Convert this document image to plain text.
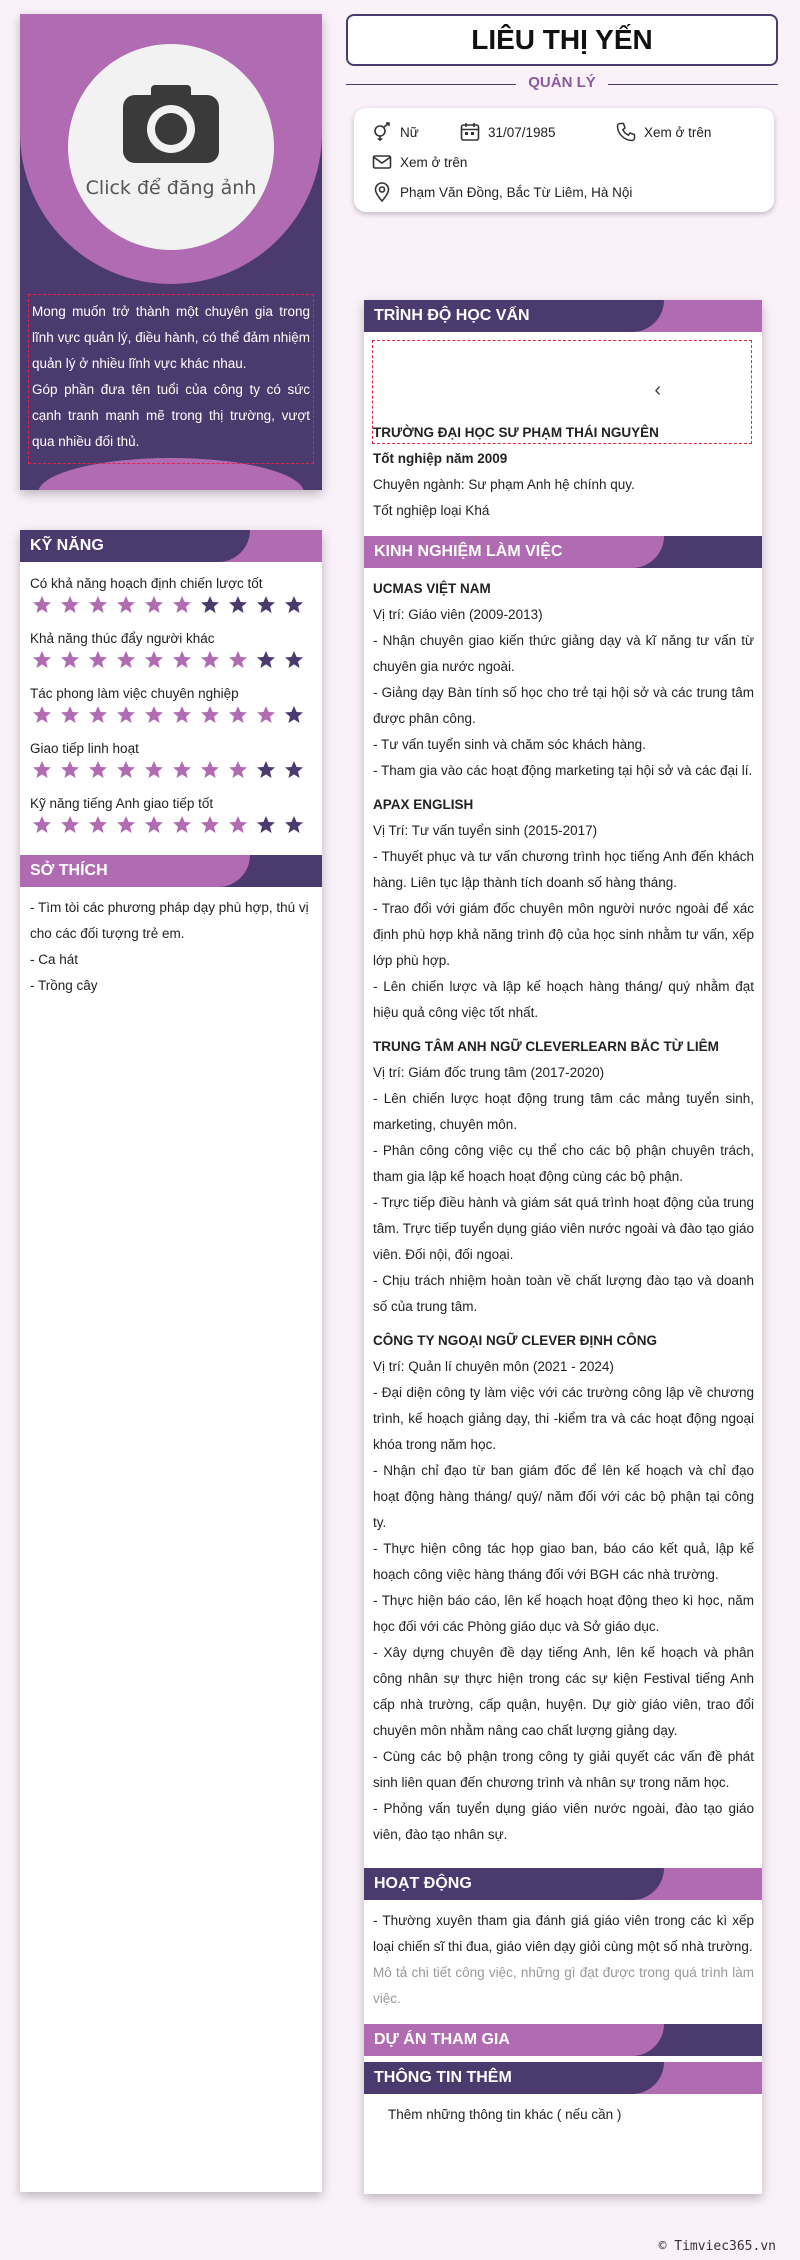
Click để đăng ảnh

Mong muốn trở thành một chuyên gia trong lĩnh vực quản lý, điều hành, có thể đảm nhiệm quản lý ở nhiều lĩnh vực khác nhau.

Góp phần đưa tên tuổi của công ty có sức cạnh tranh mạnh mẽ trong thị trường, vượt qua nhiều đối thủ.

KỸ NĂNG
Có khả năng hoạch định chiến lược tốt
Khả năng thúc đẩy người khác
Tác phong làm việc chuyên nghiệp
Giao tiếp linh hoạt
Kỹ năng tiếng Anh giao tiếp tốt
SỞ THÍCH
- Tìm tòi các phương pháp dạy phù hợp, thú vị cho các đối tượng trẻ em.
- Ca hát
- Trồng cây
LIÊU THỊ YẾN
QUẢN LÝ
Nữ	31/07/1985	Xem ở trên
Xem ở trên
Phạm Văn Đồng, Bắc Từ Liêm, Hà Nội
TRÌNH ĐỘ HỌC VẤN
‹
TRƯỜNG ĐẠI HỌC SƯ PHẠM THÁI NGUYÊN
Tốt nghiệp năm 2009
Chuyên ngành: Sư phạm Anh hệ chính quy.
Tốt nghiệp loại Khá
KINH NGHIỆM LÀM VIỆC
UCMAS VIỆT NAM
Vị trí: Giáo viên (2009-2013)
- Nhận chuyên giao kiến thức giảng dạy và kĩ năng tư vấn từ chuyên gia nước ngoài.
- Giảng dạy Bàn tính số học cho trẻ tại hội sở và các trung tâm được phân công.
- Tư vấn tuyển sinh và chăm sóc khách hàng.
- Tham gia vào các hoạt động marketing tại hội sở và các đại lí.
APAX ENGLISH
Vị Trí: Tư vấn tuyển sinh (2015-2017)
- Thuyết phục và tư vấn chương trình học tiếng Anh đến khách hàng. Liên tục lập thành tích doanh số hàng tháng.
- Trao đổi với giám đốc chuyên môn người nước ngoài để xác định phù hợp khả năng trình độ của học sinh nhằm tư vấn, xếp lớp phù hợp.
- Lên chiến lược và lập kế hoạch hàng tháng/ quý nhằm đạt hiệu quả công việc tốt nhất.
TRUNG TÂM ANH NGỮ CLEVERLEARN BẮC TỪ LIÊM
Vị trí: Giám đốc trung tâm (2017-2020)
- Lên chiến lược hoạt động trung tâm các mảng tuyển sinh, marketing, chuyên môn.
- Phân công công việc cụ thể cho các bộ phận chuyên trách, tham gia lập kế hoạch hoạt động cùng các bộ phận.
- Trực tiếp điều hành và giám sát quá trình hoạt động của trung tâm. Trực tiếp tuyển dụng giáo viên nước ngoài và đào tạo giáo viên. Đối nội, đối ngoại.
- Chịu trách nhiệm hoàn toàn về chất lượng đào tạo và doanh số của trung tâm.
CÔNG TY NGOẠI NGỮ CLEVER ĐỊNH CÔNG
Vị trí: Quản lí chuyên môn (2021 - 2024)
- Đại diện công ty làm việc với các trường công lập về chương trình, kế hoạch giảng dạy, thi -kiểm tra và các hoạt động ngoại khóa trong năm học.
- Nhận chỉ đạo từ ban giám đốc để lên kế hoạch và chỉ đạo hoạt động hàng tháng/ quý/ năm đối với các bộ phận tại công ty.
- Thực hiện công tác họp giao ban, báo cáo kết quả, lập kế hoạch công việc hàng tháng đối với BGH các nhà trường.
- Thực hiện báo cáo, lên kế hoạch hoạt động theo kì học, năm học đối với các Phòng giáo dục và Sở giáo dục.
- Xây dựng chuyên đề dạy tiếng Anh, lên kế hoạch và phân công nhân sự thực hiện trong các sự kiện Festival tiếng Anh cấp nhà trường, cấp quận, huyện. Dự giờ giáo viên, trao đổi chuyên môn nhằm nâng cao chất lượng giảng dạy.
- Cùng các bộ phận trong công ty giải quyết các vấn đề phát sinh liên quan đến chương trình và nhân sự trong năm học.
- Phỏng vấn tuyển dụng giáo viên nước ngoài, đào tạo giáo viên, đào tạo nhân sự.
HOẠT ĐỘNG
- Thường xuyên tham gia đánh giá giáo viên trong các kì xếp loại chiến sĩ thi đua, giáo viên dạy giỏi cùng một số nhà trường.
Mô tả chi tiết công việc, những gì đạt được trong quá trình làm việc.
DỰ ÁN THAM GIA
THÔNG TIN THÊM
Thêm những thông tin khác ( nếu cần )
© Timviec365.vn
